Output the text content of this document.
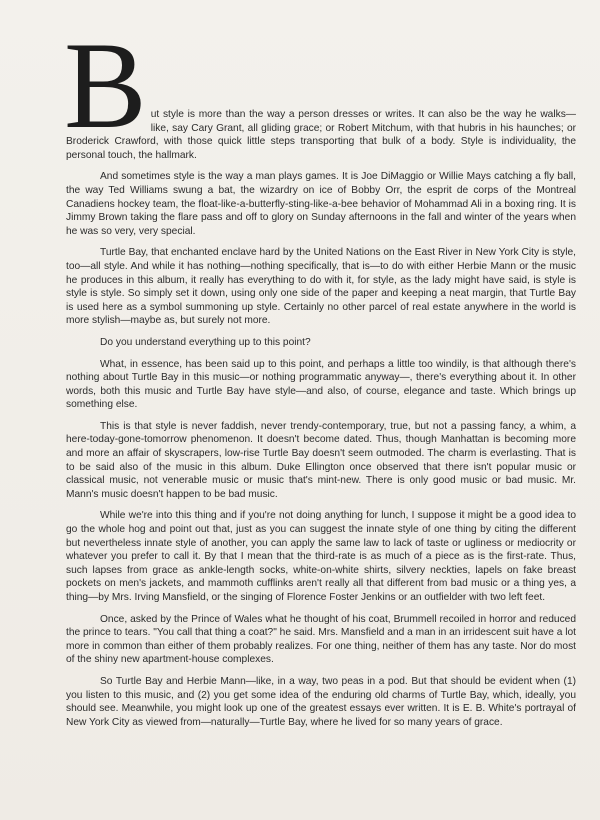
B ut style is more than the way a person dresses or writes. It can also be the way he walks—like, say Cary Grant, all gliding grace; or Robert Mitchum, with that hubris in his haunches; or Broderick Crawford, with those quick little steps transporting that bulk of a body. Style is individuality, the personal touch, the hallmark.

And sometimes style is the way a man plays games. It is Joe DiMaggio or Willie Mays catching a fly ball, the way Ted Williams swung a bat, the wizardry on ice of Bobby Orr, the esprit de corps of the Montreal Canadiens hockey team, the float-like-a-butterfly-sting-like-a-bee behavior of Mohammad Ali in a boxing ring. It is Jimmy Brown taking the flare pass and off to glory on Sunday afternoons in the fall and winter of the years when he was so very, very special.

Turtle Bay, that enchanted enclave hard by the United Nations on the East River in New York City is style, too—all style. And while it has nothing—nothing specifically, that is—to do with either Herbie Mann or the music he produces in this album, it really has everything to do with it, for style, as the lady might have said, is style is style is style. So simply set it down, using only one side of the paper and keeping a neat margin, that Turtle Bay is used here as a symbol summoning up style. Certainly no other parcel of real estate anywhere in the world is more stylish—maybe as, but surely not more.

Do you understand everything up to this point?

What, in essence, has been said up to this point, and perhaps a little too windily, is that although there's nothing about Turtle Bay in this music—or nothing programmatic anyway—, there's everything about it. In other words, both this music and Turtle Bay have style—and also, of course, elegance and taste. Which brings up something else.

This is that style is never faddish, never trendy-contemporary, true, but not a passing fancy, a whim, a here-today-gone-tomorrow phenomenon. It doesn't become dated. Thus, though Manhattan is becoming more and more an affair of skyscrapers, low-rise Turtle Bay doesn't seem outmoded. The charm is everlasting. That is to be said also of the music in this album. Duke Ellington once observed that there isn't popular music or classical music, not venerable music or music that's mint-new. There is only good music or bad music. Mr. Mann's music doesn't happen to be bad music.

While we're into this thing and if you're not doing anything for lunch, I suppose it might be a good idea to go the whole hog and point out that, just as you can suggest the innate style of one thing by citing the different but nevertheless innate style of another, you can apply the same law to lack of taste or ugliness or mediocrity or whatever you prefer to call it. By that I mean that the third-rate is as much of a piece as is the first-rate. Thus, such lapses from grace as ankle-length socks, white-on-white shirts, silvery neckties, lapels on fake breast pockets on men's jackets, and mammoth cufflinks aren't really all that different from bad music or a thing yes, a thing—by Mrs. Irving Mansfield, or the singing of Florence Foster Jenkins or an outfielder with two left feet.

Once, asked by the Prince of Wales what he thought of his coat, Brummell recoiled in horror and reduced the prince to tears. "You call that thing a coat?" he said. Mrs. Mansfield and a man in an irridescent suit have a lot more in common than either of them probably realizes. For one thing, neither of them has any taste. Nor do most of the shiny new apartment-house complexes.

So Turtle Bay and Herbie Mann—like, in a way, two peas in a pod. But that should be evident when (1) you listen to this music, and (2) you get some idea of the enduring old charms of Turtle Bay, which, ideally, you should see. Meanwhile, you might look up one of the greatest essays ever written. It is E. B. White's portrayal of New York City as viewed from—naturally—Turtle Bay, where he lived for so many years of grace.
